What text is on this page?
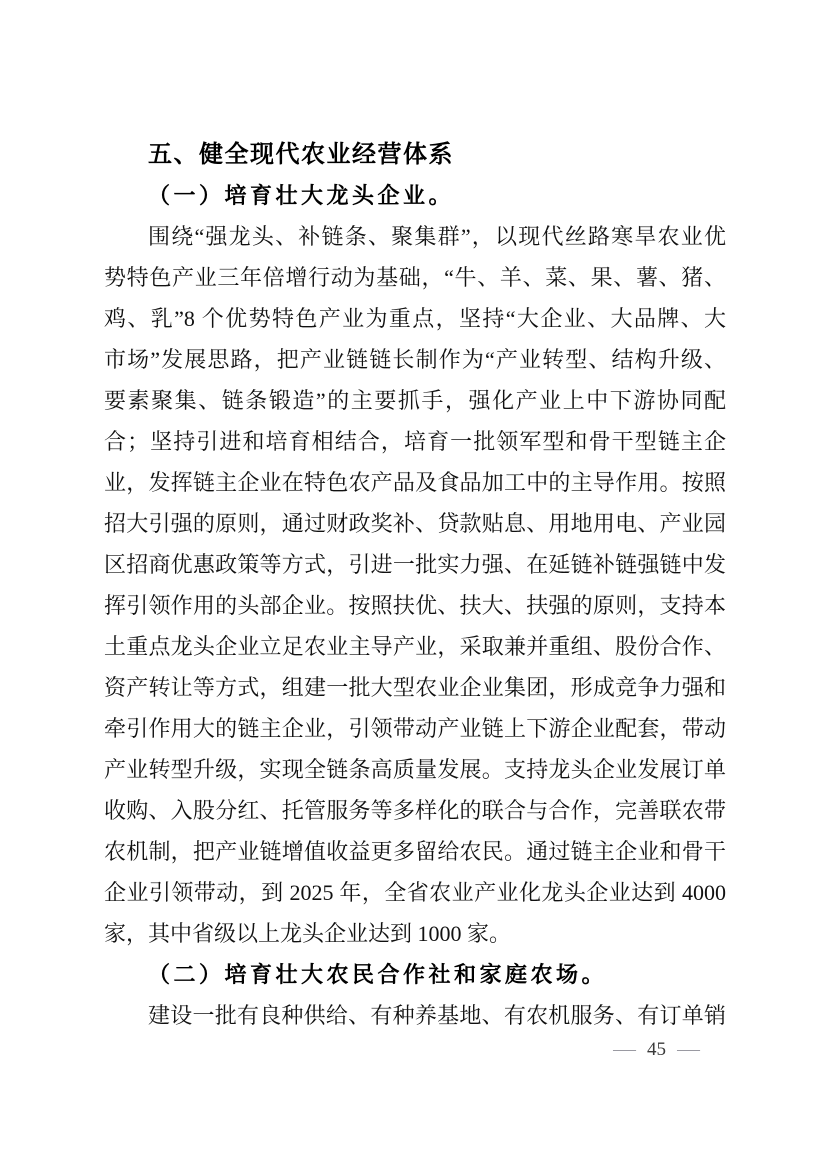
五、健全现代农业经营体系
（一）培育壮大龙头企业。
围绕“强龙头、补链条、聚集群”，以现代丝路寒旱农业优
势特色产业三年倍增行动为基础，“牛、羊、菜、果、薯、猪、
鸡、乳”8 个优势特色产业为重点，坚持“大企业、大品牌、大
市场”发展思路，把产业链链长制作为“产业转型、结构升级、
要素聚集、链条锻造”的主要抓手，强化产业上中下游协同配
合；坚持引进和培育相结合，培育一批领军型和骨干型链主企
业，发挥链主企业在特色农产品及食品加工中的主导作用。按照
招大引强的原则，通过财政奖补、贷款贴息、用地用电、产业园
区招商优惠政策等方式，引进一批实力强、在延链补链强链中发
挥引领作用的头部企业。按照扶优、扶大、扶强的原则，支持本
土重点龙头企业立足农业主导产业，采取兼并重组、股份合作、
资产转让等方式，组建一批大型农业企业集团，形成竞争力强和
牵引作用大的链主企业，引领带动产业链上下游企业配套，带动
产业转型升级，实现全链条高质量发展。支持龙头企业发展订单
收购、入股分红、托管服务等多样化的联合与合作，完善联农带
农机制，把产业链增值收益更多留给农民。通过链主企业和骨干
企业引领带动，到 2025 年，全省农业产业化龙头企业达到 4000
家，其中省级以上龙头企业达到 1000 家。
（二）培育壮大农民合作社和家庭农场。
建设一批有良种供给、有种养基地、有农机服务、有订单销
— 45 —
